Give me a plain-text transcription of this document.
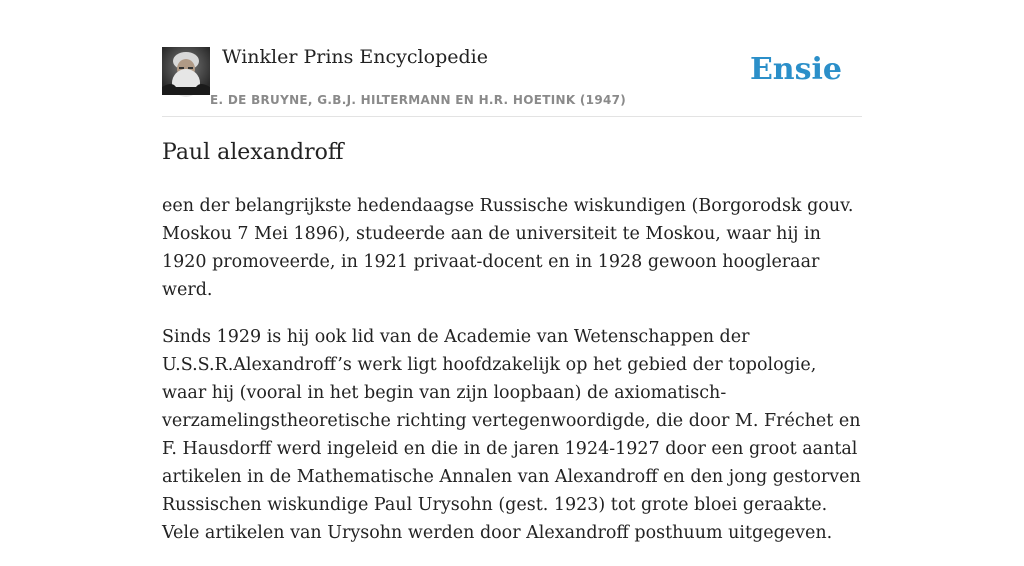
Winkler Prins Encyclopedie
E. DE BRUYNE, G.B.J. HILTERMANN EN H.R. HOETINK (1947)
Ensie
Paul alexandroff

een der belangrijkste hedendaagse Russische wiskundigen (Borgorodsk gouv. Moskou 7 Mei 1896), studeerde aan de universiteit te Moskou, waar hij in 1920 promoveerde, in 1921 privaat-docent en in 1928 gewoon hoogleraar werd.

Sinds 1929 is hij ook lid van de Academie van Wetenschappen der U.S.S.R.Alexandroff’s werk ligt hoofdzakelijk op het gebied der topologie, waar hij (vooral in het begin van zijn loopbaan) de axiomatisch-verzamelingstheoretische richting vertegenwoordigde, die door M. Fréchet en F. Hausdorff werd ingeleid en die in de jaren 1924-1927 door een groot aantal artikelen in de Mathematische Annalen van Alexandroff en den jong gestorven Russischen wiskundige Paul Urysohn (gest. 1923) tot grote bloei geraakte. Vele artikelen van Urysohn werden door Alexandroff posthuum uitgegeven.
